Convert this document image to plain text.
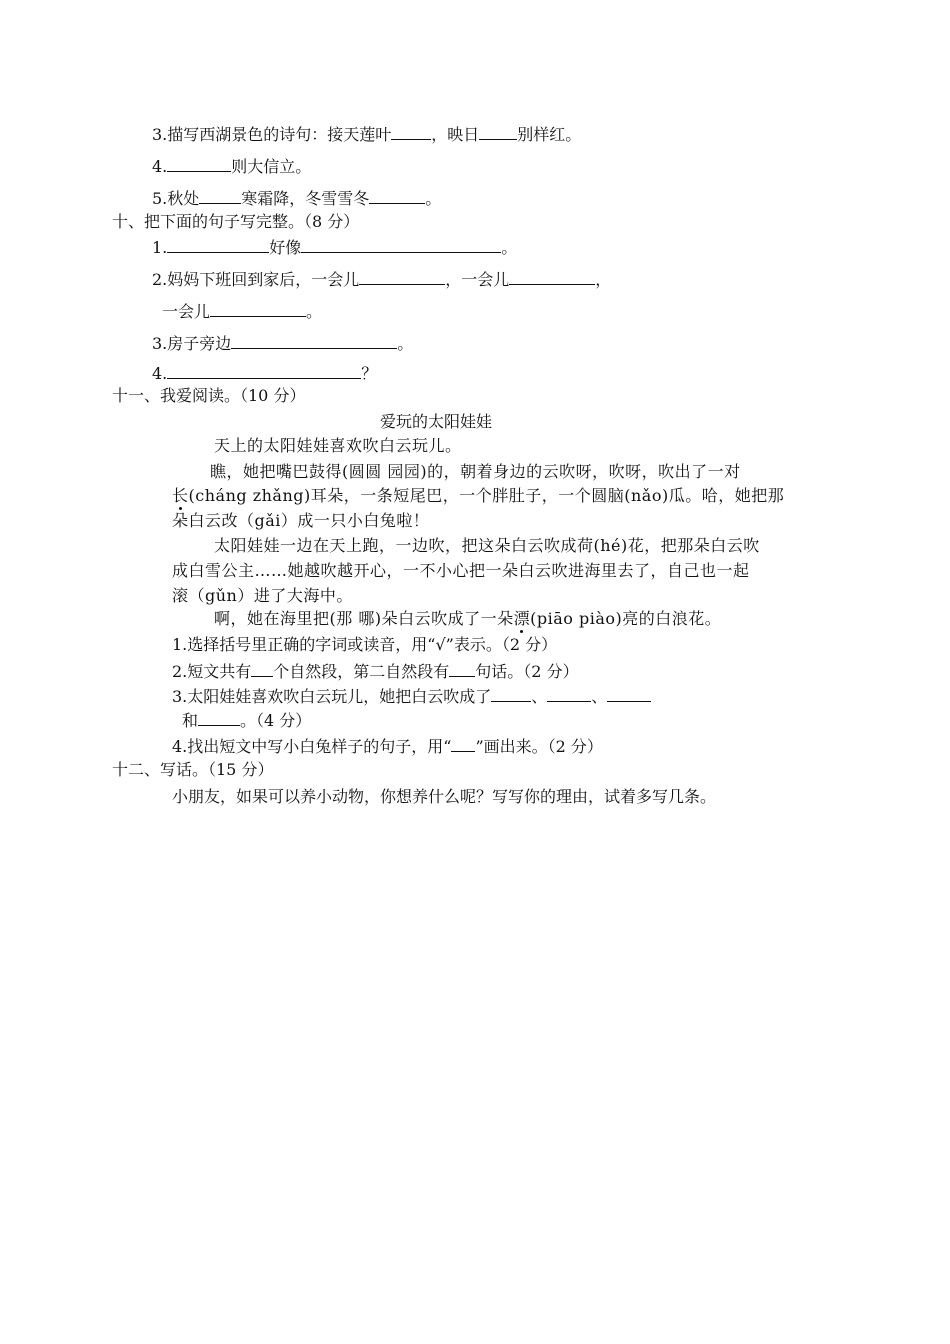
3.描写西湖景色的诗句：接天莲叶	，映日 别样红。
4.	则大信立。
5.秋处	寒霜降，冬雪雪冬	。
十、把下面的句子写完整。（8 分）
1.	好像	。
2.妈妈下班回到家后，一会儿	，一会儿	，
一会儿	。
3.房子旁边	。
4.	？
十一、我爱阅读。（10 分）
爱玩的太阳娃娃
天上的太阳娃娃喜欢吹白云玩儿。
瞧，她把嘴巴鼓得(圆圆 园园)的，朝着身边的云吹呀，吹呀，吹出了一对
长(cháng zhǎng)耳朵，一条短尾巴，一个胖肚子，一个圆脑(nǎo)瓜。哈，她把那
朵白云改（gǎi）成一只小白兔啦！
太阳娃娃一边在天上跑，一边吹，把这朵白云吹成荷(hé)花，把那朵白云吹
成白雪公主……她越吹越开心，一不小心把一朵白云吹进海里去了，自己也一起
滚（gǔn）进了大海中。
啊，她在海里把(那 哪)朵白云吹成了一朵漂(piāo piào)亮的白浪花。
1.选择括号里正确的字词或读音，用“√”表示。（2 分）
2.短文共有 个自然段，第二自然段有 句话。（2 分）
3.太阳娃娃喜欢吹白云玩儿，她把白云吹成了	、	、
和	。（4 分）
4.找出短文中写小白兔样子的句子，用“ ”画出来。（2 分）
十二、写话。（15 分）
小朋友，如果可以养小动物，你想养什么呢？写写你的理由，试着多写几条。
